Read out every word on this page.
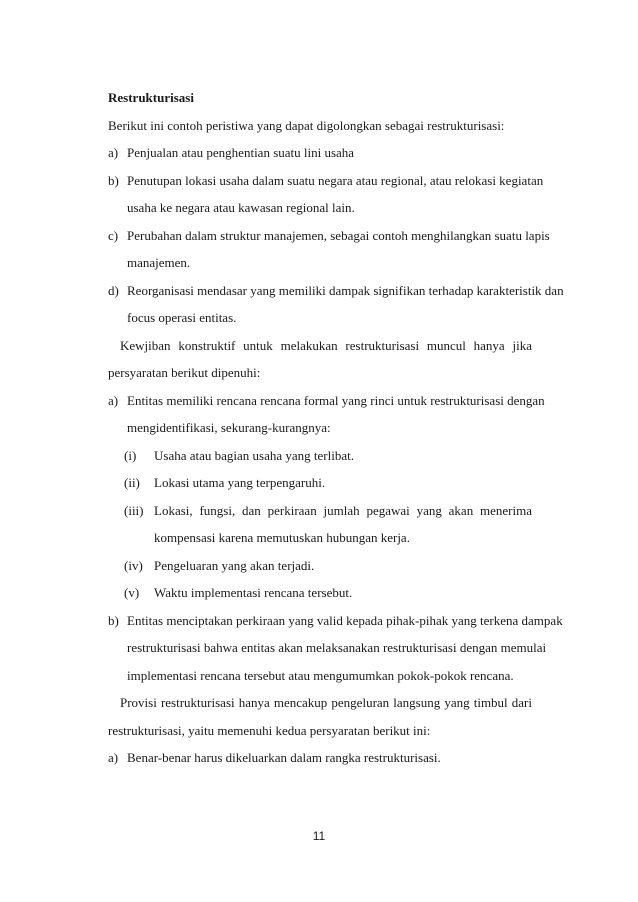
Restrukturisasi
Berikut ini contoh peristiwa yang dapat digolongkan sebagai restrukturisasi:
a) Penjualan atau penghentian suatu lini usaha
b) Penutupan lokasi usaha dalam suatu negara atau regional, atau relokasi kegiatan
usaha ke negara atau kawasan regional lain.
c) Perubahan dalam struktur manajemen, sebagai contoh menghilangkan suatu lapis
manajemen.
d) Reorganisasi mendasar yang memiliki dampak signifikan terhadap karakteristik dan
focus operasi entitas.
Kewjiban konstruktif untuk melakukan restrukturisasi muncul hanya jika
persyaratan berikut dipenuhi:
a) Entitas memiliki rencana rencana formal yang rinci untuk restrukturisasi dengan
mengidentifikasi, sekurang-kurangnya:
(i) Usaha atau bagian usaha yang terlibat.
(ii) Lokasi utama yang terpengaruhi.
(iii) Lokasi, fungsi, dan perkiraan jumlah pegawai yang akan menerima
kompensasi karena memutuskan hubungan kerja.
(iv) Pengeluaran yang akan terjadi.
(v) Waktu implementasi rencana tersebut.
b) Entitas menciptakan perkiraan yang valid kepada pihak-pihak yang terkena dampak
restrukturisasi bahwa entitas akan melaksanakan restrukturisasi dengan memulai
implementasi rencana tersebut atau mengumumkan pokok-pokok rencana.
Provisi restrukturisasi hanya mencakup pengeluran langsung yang timbul dari
restrukturisasi, yaitu memenuhi kedua persyaratan berikut ini:
a) Benar-benar harus dikeluarkan dalam rangka restrukturisasi.
11
